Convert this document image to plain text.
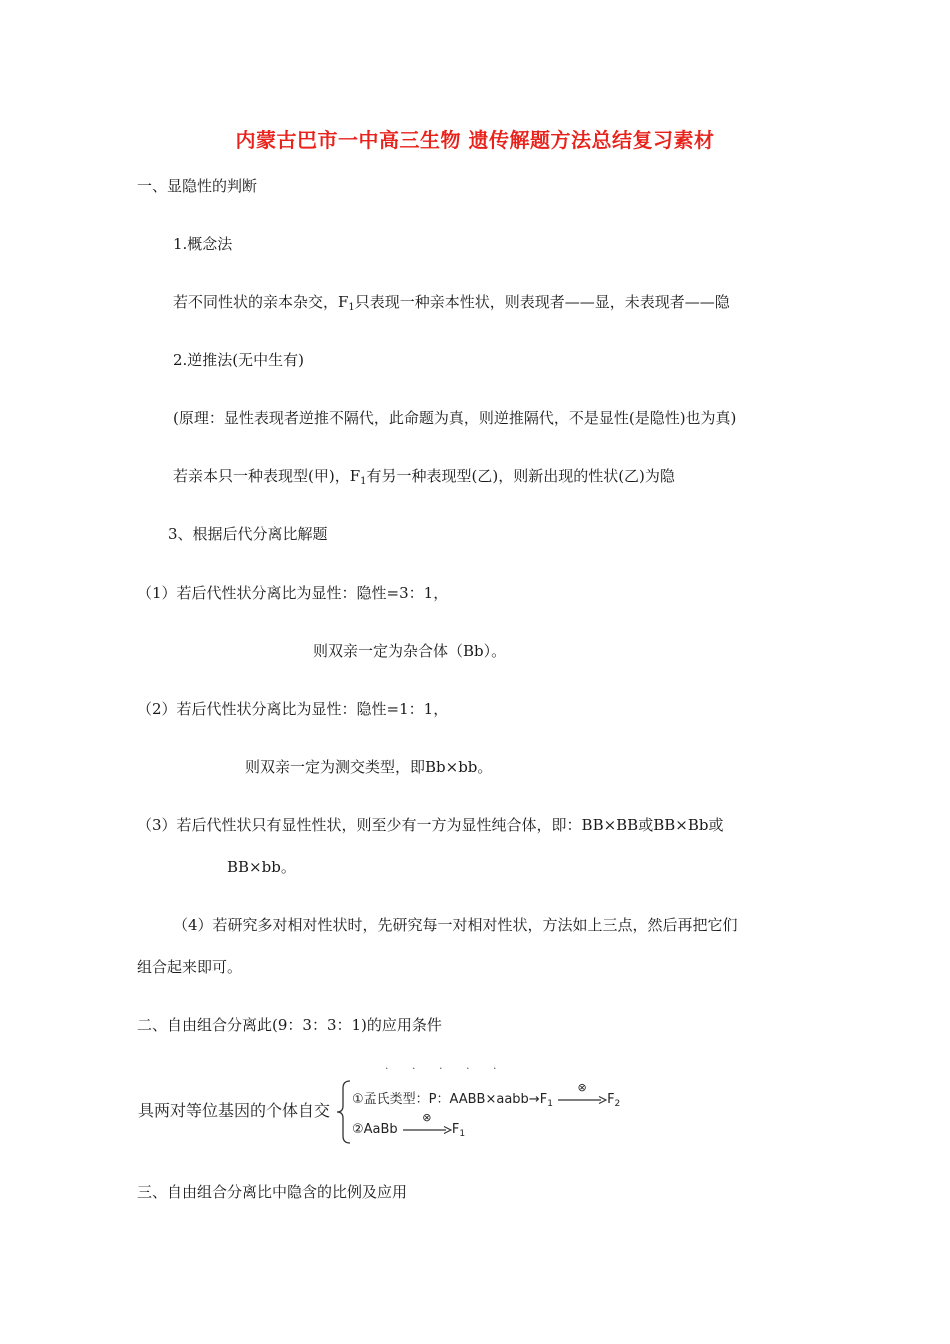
内蒙古巴市一中高三生物 遗传解题方法总结复习素材
一、显隐性的判断
1.概念法
若不同性状的亲本杂交，$F_1$只表现一种亲本性状，则表现者——显，未表现者——隐
2.逆推法(无中生有)
(原理：显性表现者逆推不隔代，此命题为真，则逆推隔代，不是显性(是隐性)也为真)
若亲本只一种表现型(甲)，$F_1$有另一种表现型(乙)，则新出现的性状(乙)为隐
3、根据后代分离比解题
（1）若后代性状分离比为显性：隐性=3：1，
则双亲一定为杂合体（Bb）。
（2）若后代性状分离比为显性：隐性=1：1，
则双亲一定为测交类型，即Bb×bb。
（3）若后代性状只有显性性状，则至少有一方为显性纯合体，即：BB×BB或BB×Bb或
BB×bb。
（4）若研究多对相对性状时，先研究每一对相对性状，方法如上三点，然后再把它们
组合起来即可。
二、自由组合分离此(9：3：3：1)的应用条件
· · · · ·
具两对等位基因的个体自交
①孟氏类型：P：$AABB\times aabb\to F_1$
⊗
$F_2$
②AaBb
⊗
$F_1$
三、自由组合分离比中隐含的比例及应用
